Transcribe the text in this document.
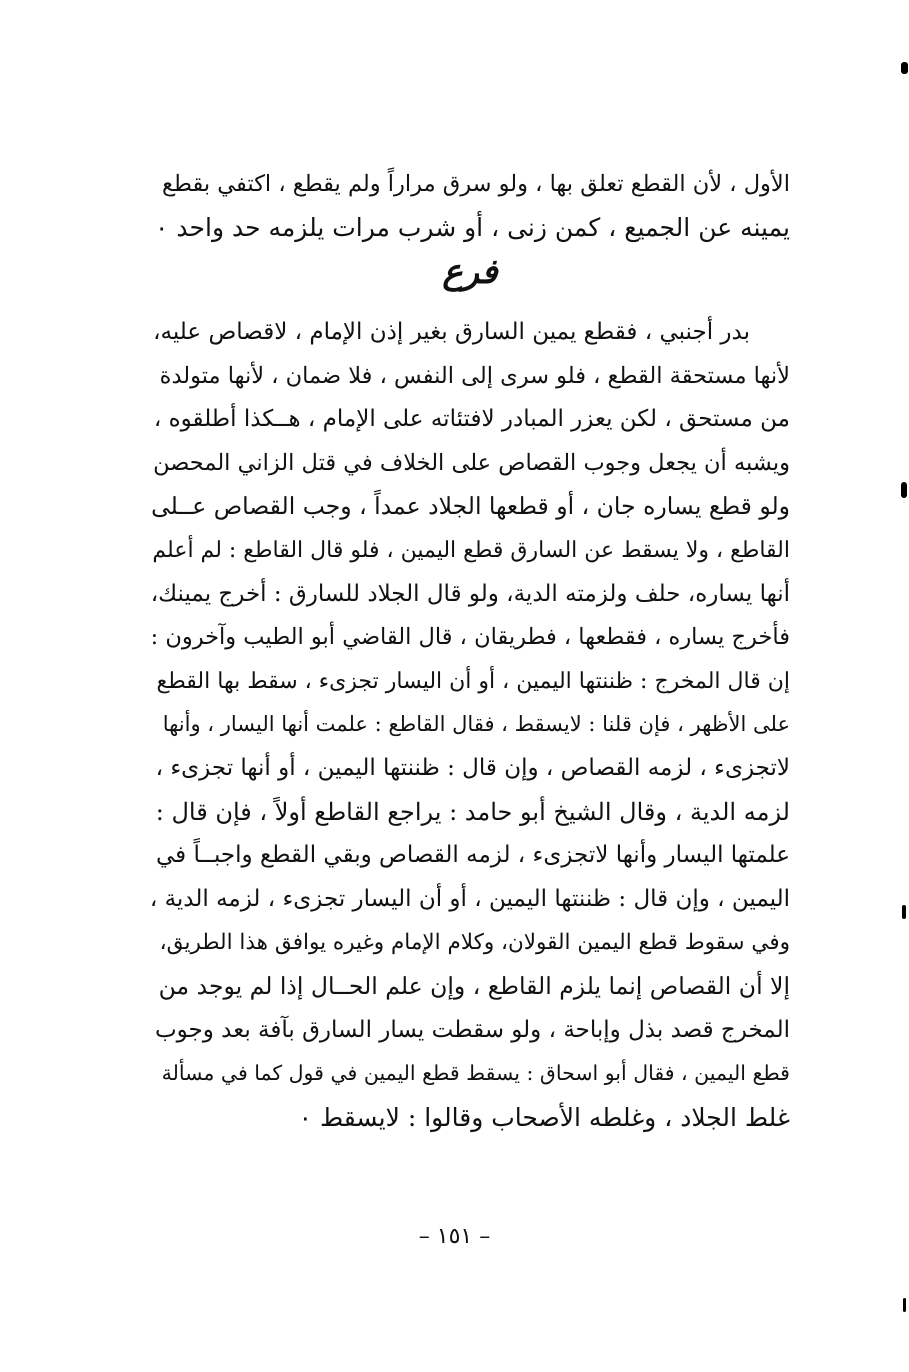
الأول ، لأن القطع تعلق بها ، ولو سرق مراراً ولم يقطع ، اكتفي بقطع
يمينه عن الجميع ، كمن زنى ، أو شرب مرات يلزمه حد واحد ٠
فرع
بدر أجنبي ، فقطع يمين السارق بغير إذن الإمام ، لاقصاص عليه،
لأنها مستحقة القطع ، فلو سرى إلى النفس ، فلا ضمان ، لأنها متولدة
من مستحق ، لكن يعزر المبادر لافتئاته على الإمام ، هــكذا أطلقوه ،
ويشبه أن يجعل وجوب القصاص على الخلاف في قتل الزاني المحصن
ولو قطع يساره جان ، أو قطعها الجلاد عمداً ، وجب القصاص عــلى
القاطع ، ولا يسقط عن السارق قطع اليمين ، فلو قال القاطع : لم أعلم
أنها يساره، حلف ولزمته الدية، ولو قال الجلاد للسارق : أخرج يمينك،
فأخرج يساره ، فقطعها ، فطريقان ، قال القاضي أبو الطيب وآخرون :
إن قال المخرج : ظننتها اليمين ، أو أن اليسار تجزىء ، سقط بها القطع
على الأظهر ، فإن قلنا : لايسقط ، فقال القاطع : علمت أنها اليسار ، وأنها
لاتجزىء ، لزمه القصاص ، وإن قال : ظننتها اليمين ، أو أنها تجزىء ،
لزمه الدية ، وقال الشيخ أبو حامد : يراجع القاطع أولاً ، فإن قال :
علمتها اليسار وأنها لاتجزىء ، لزمه القصاص وبقي القطع واجبــاً في
اليمين ، وإن قال : ظننتها اليمين ، أو أن اليسار تجزىء ، لزمه الدية ،
وفي سقوط قطع اليمين القولان، وكلام الإمام وغيره يوافق هذا الطريق،
إلا أن القصاص إنما يلزم القاطع ، وإن علم الحــال إذا لم يوجد من
المخرج قصد بذل وإباحة ، ولو سقطت يسار السارق بآفة بعد وجوب
قطع اليمين ، فقال أبو اسحاق : يسقط قطع اليمين في قول كما في مسألة
غلط الجلاد ، وغلطه الأصحاب وقالوا : لايسقط ٠
– ١٥١ –
